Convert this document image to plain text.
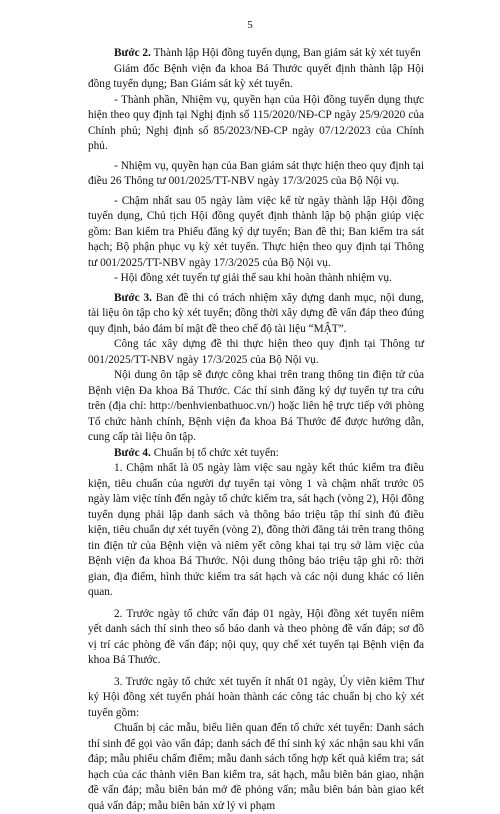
5

Bước 2. Thành lập Hội đồng tuyển dụng, Ban giám sát kỳ xét tuyển

Giám đốc Bệnh viện đa khoa Bá Thước quyết định thành lập Hội đồng tuyển dụng; Ban Giám sát kỳ xét tuyển.

- Thành phần, Nhiệm vụ, quyền hạn của Hội đồng tuyển dụng thực hiện theo quy định tại Nghị định số 115/2020/NĐ-CP ngày 25/9/2020 của Chính phủ; Nghị định số 85/2023/NĐ-CP ngày 07/12/2023 của Chính phủ.

- Nhiệm vụ, quyền hạn của Ban giám sát thực hiện theo quy định tại điều 26 Thông tư 001/2025/TT-NBV ngày 17/3/2025 của Bộ Nội vụ.

- Chậm nhất sau 05 ngày làm việc kể từ ngày thành lập Hội đồng tuyển dụng, Chủ tịch Hội đồng quyết định thành lập bộ phận giúp việc gồm: Ban kiểm tra Phiếu đăng ký dự tuyển; Ban đề thi; Ban kiểm tra sát hạch; Bộ phận phục vụ kỳ xét tuyển. Thực hiện theo quy định tại Thông tư 001/2025/TT-NBV ngày 17/3/2025 của Bộ Nội vụ.

- Hội đồng xét tuyển tự giải thể sau khi hoàn thành nhiệm vụ.

Bước 3. Ban đề thi có trách nhiệm xây dựng danh mục, nội dung, tài liệu ôn tập cho kỳ xét tuyển; đồng thời xây dựng đề vấn đáp theo đúng quy định, bảo đảm bí mật đề theo chế độ tài liệu “MẬT”.

Công tác xây dựng đề thi thực hiện theo quy định tại Thông tư 001/2025/TT-NBV ngày 17/3/2025 của Bộ Nội vụ.

Nội dung ôn tập sẽ được công khai trên trang thông tin điện tử của Bệnh viện Đa khoa Bá Thước. Các thí sinh đăng ký dự tuyển tự tra cứu trên (địa chỉ: http://benhvienbathuoc.vn/) hoặc liên hệ trực tiếp với phòng Tổ chức hành chính, Bệnh viện đa khoa Bá Thước để được hướng dẫn, cung cấp tài liệu ôn tập.

Bước 4. Chuẩn bị tổ chức xét tuyển:

1. Chậm nhất là 05 ngày làm việc sau ngày kết thúc kiểm tra điều kiện, tiêu chuẩn của người dự tuyển tại vòng 1 và chậm nhất trước 05 ngày làm việc tính đến ngày tổ chức kiểm tra, sát hạch (vòng 2), Hội đồng tuyển dụng phải lập danh sách và thông báo triệu tập thí sinh đủ điều kiện, tiêu chuẩn dự xét tuyển (vòng 2), đồng thời đăng tải trên trang thông tin điện tử của Bệnh viện và niêm yết công khai tại trụ sở làm việc của Bệnh viện đa khoa Bá Thước. Nội dung thông báo triệu tập ghi rõ: thời gian, địa điểm, hình thức kiểm tra sát hạch và các nội dung khác có liên quan.

2. Trước ngày tổ chức vấn đáp 01 ngày, Hội đồng xét tuyển niêm yết danh sách thí sinh theo số báo danh và theo phòng đề vấn đáp; sơ đồ vị trí các phòng đề vấn đáp; nội quy, quy chế xét tuyển tại Bệnh viện đa khoa Bá Thước.

3. Trước ngày tổ chức xét tuyển ít nhất 01 ngày, Ủy viên kiêm Thư ký Hội đồng xét tuyển phải hoàn thành các công tác chuẩn bị cho kỳ xét tuyển gồm:

Chuẩn bị các mẫu, biểu liên quan đến tổ chức xét tuyển: Danh sách thí sinh để gọi vào vấn đáp; danh sách để thí sinh ký xác nhận sau khi vấn đáp; mẫu phiếu chấm điểm; mẫu danh sách tổng hợp kết quả kiểm tra; sát hạch của các thành viên Ban kiểm tra, sát hạch, mẫu biên bản giao, nhận đề vấn đáp; mẫu biên bản mở đề phỏng vấn; mẫu biên bản bàn giao kết quả vấn đáp; mẫu biên bản xử lý vi phạm
